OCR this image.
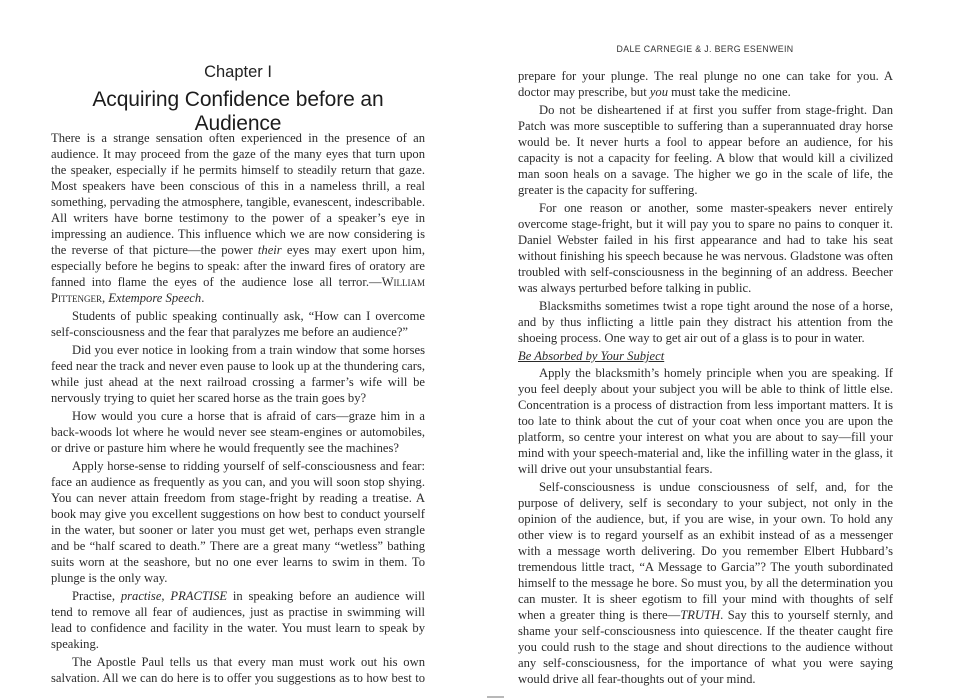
Chapter I
Acquiring Confidence before an Audience

There is a strange sensation often experienced in the presence of an audience. It may proceed from the gaze of the many eyes that turn upon the speaker, especially if he permits himself to steadily return that gaze. Most speakers have been conscious of this in a nameless thrill, a real something, pervading the atmosphere, tangible, evanescent, indescribable. All writers have borne testimony to the power of a speaker’s eye in impressing an audience. This influence which we are now considering is the reverse of that picture—the power their eyes may exert upon him, especially before he begins to speak: after the inward fires of oratory are fanned into flame the eyes of the audience lose all terror.—William Pittenger, Extempore Speech.

Students of public speaking continually ask, “How can I overcome self-consciousness and the fear that paralyzes me before an audience?”

Did you ever notice in looking from a train window that some horses feed near the track and never even pause to look up at the thundering cars, while just ahead at the next railroad crossing a farmer’s wife will be nervously trying to quiet her scared horse as the train goes by?

How would you cure a horse that is afraid of cars—graze him in a back-woods lot where he would never see steam-engines or automobiles, or drive or pasture him where he would frequently see the machines?

Apply horse-sense to ridding yourself of self-consciousness and fear: face an audience as frequently as you can, and you will soon stop shying. You can never attain freedom from stage-fright by reading a treatise. A book may give you excellent suggestions on how best to conduct yourself in the water, but sooner or later you must get wet, perhaps even strangle and be “half scared to death.” There are a great many “wetless” bathing suits worn at the seashore, but no one ever learns to swim in them. To plunge is the only way.

Practise, practise, PRACTISE in speaking before an audience will tend to remove all fear of audiences, just as practise in swimming will lead to confidence and facility in the water. You must learn to speak by speaking.

The Apostle Paul tells us that every man must work out his own salvation. All we can do here is to offer you suggestions as to how best to

DALE CARNEGIE & J. BERG ESENWEIN

prepare for your plunge. The real plunge no one can take for you. A doctor may prescribe, but you must take the medicine.

Do not be disheartened if at first you suffer from stage-fright. Dan Patch was more susceptible to suffering than a superannuated dray horse would be. It never hurts a fool to appear before an audience, for his capacity is not a capacity for feeling. A blow that would kill a civilized man soon heals on a savage. The higher we go in the scale of life, the greater is the capacity for suffering.

For one reason or another, some master-speakers never entirely overcome stage-fright, but it will pay you to spare no pains to conquer it. Daniel Webster failed in his first appearance and had to take his seat without finishing his speech because he was nervous. Gladstone was often troubled with self-consciousness in the beginning of an address. Beecher was always perturbed before talking in public.

Blacksmiths sometimes twist a rope tight around the nose of a horse, and by thus inflicting a little pain they distract his attention from the shoeing process. One way to get air out of a glass is to pour in water.

Be Absorbed by Your Subject

Apply the blacksmith’s homely principle when you are speaking. If you feel deeply about your subject you will be able to think of little else. Concentration is a process of distraction from less important matters. It is too late to think about the cut of your coat when once you are upon the platform, so centre your interest on what you are about to say—fill your mind with your speech-material and, like the infilling water in the glass, it will drive out your unsubstantial fears.

Self-consciousness is undue consciousness of self, and, for the purpose of delivery, self is secondary to your subject, not only in the opinion of the audience, but, if you are wise, in your own. To hold any other view is to regard yourself as an exhibit instead of as a messenger with a message worth delivering. Do you remember Elbert Hubbard’s tremendous little tract, “A Message to Garcia”? The youth subordinated himself to the message he bore. So must you, by all the determination you can muster. It is sheer egotism to fill your mind with thoughts of self when a greater thing is there—TRUTH. Say this to yourself sternly, and shame your self-consciousness into quiescence. If the theater caught fire you could rush to the stage and shout directions to the audience without any self-consciousness, for the importance of what you were saying would drive all fear-thoughts out of your mind.
